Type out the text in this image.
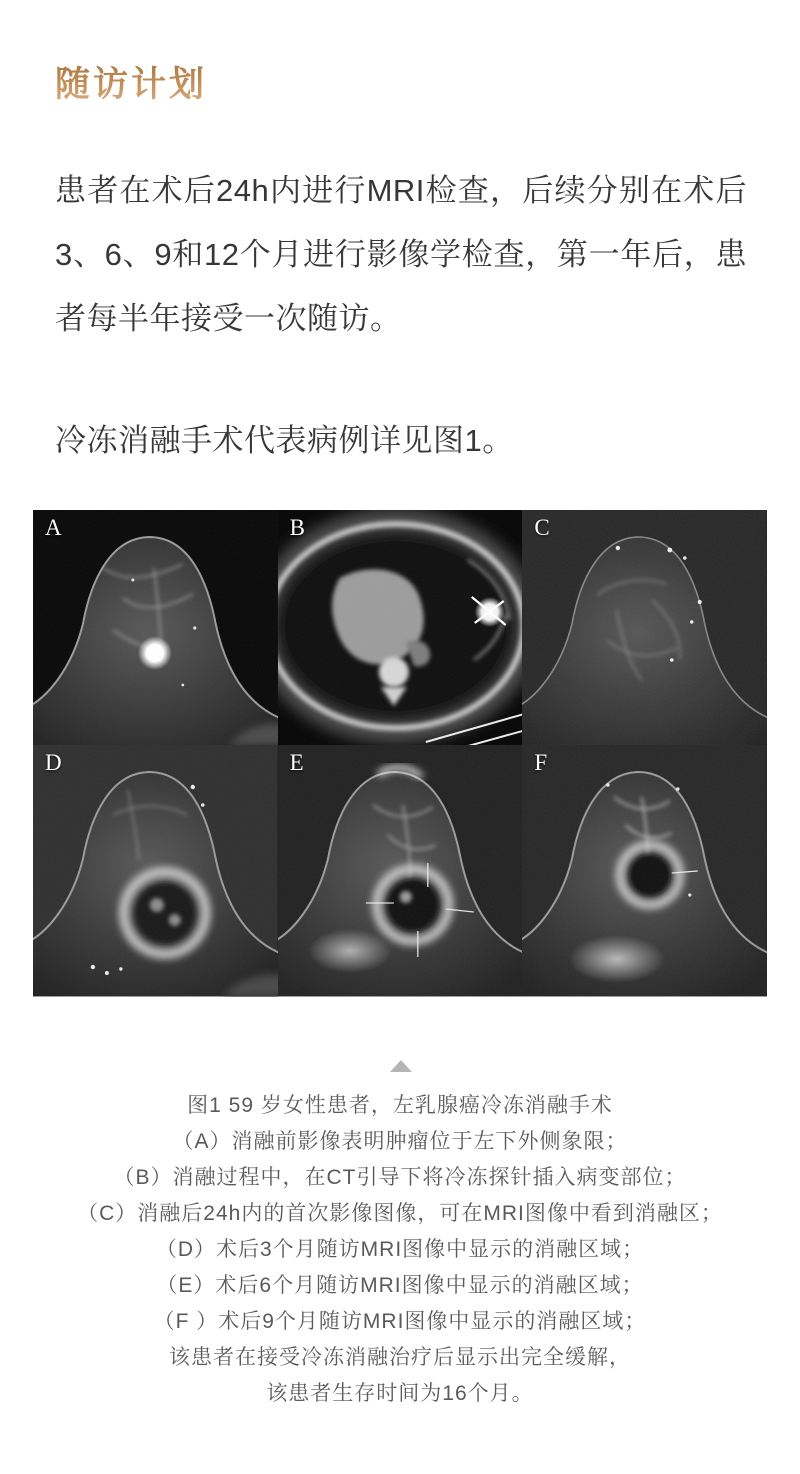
随访计划

患者在术后24h内进行MRI检查，后续分别在术后3、6、9和12个月进行影像学检查，第一年后，患者每半年接受一次随访。

冷冻消融手术代表病例详见图1。

A	B	C
D	E	F
图1 59 岁女性患者，左乳腺癌冷冻消融手术
（A）消融前影像表明肿瘤位于左下外侧象限；
（B）消融过程中，在CT引导下将冷冻探针插入病变部位；
（C）消融后24h内的首次影像图像，可在MRI图像中看到消融区；
（D）术后3个月随访MRI图像中显示的消融区域；
（E）术后6个月随访MRI图像中显示的消融区域；
（F ）术后9个月随访MRI图像中显示的消融区域；
该患者在接受冷冻消融治疗后显示出完全缓解，
该患者生存时间为16个月。
